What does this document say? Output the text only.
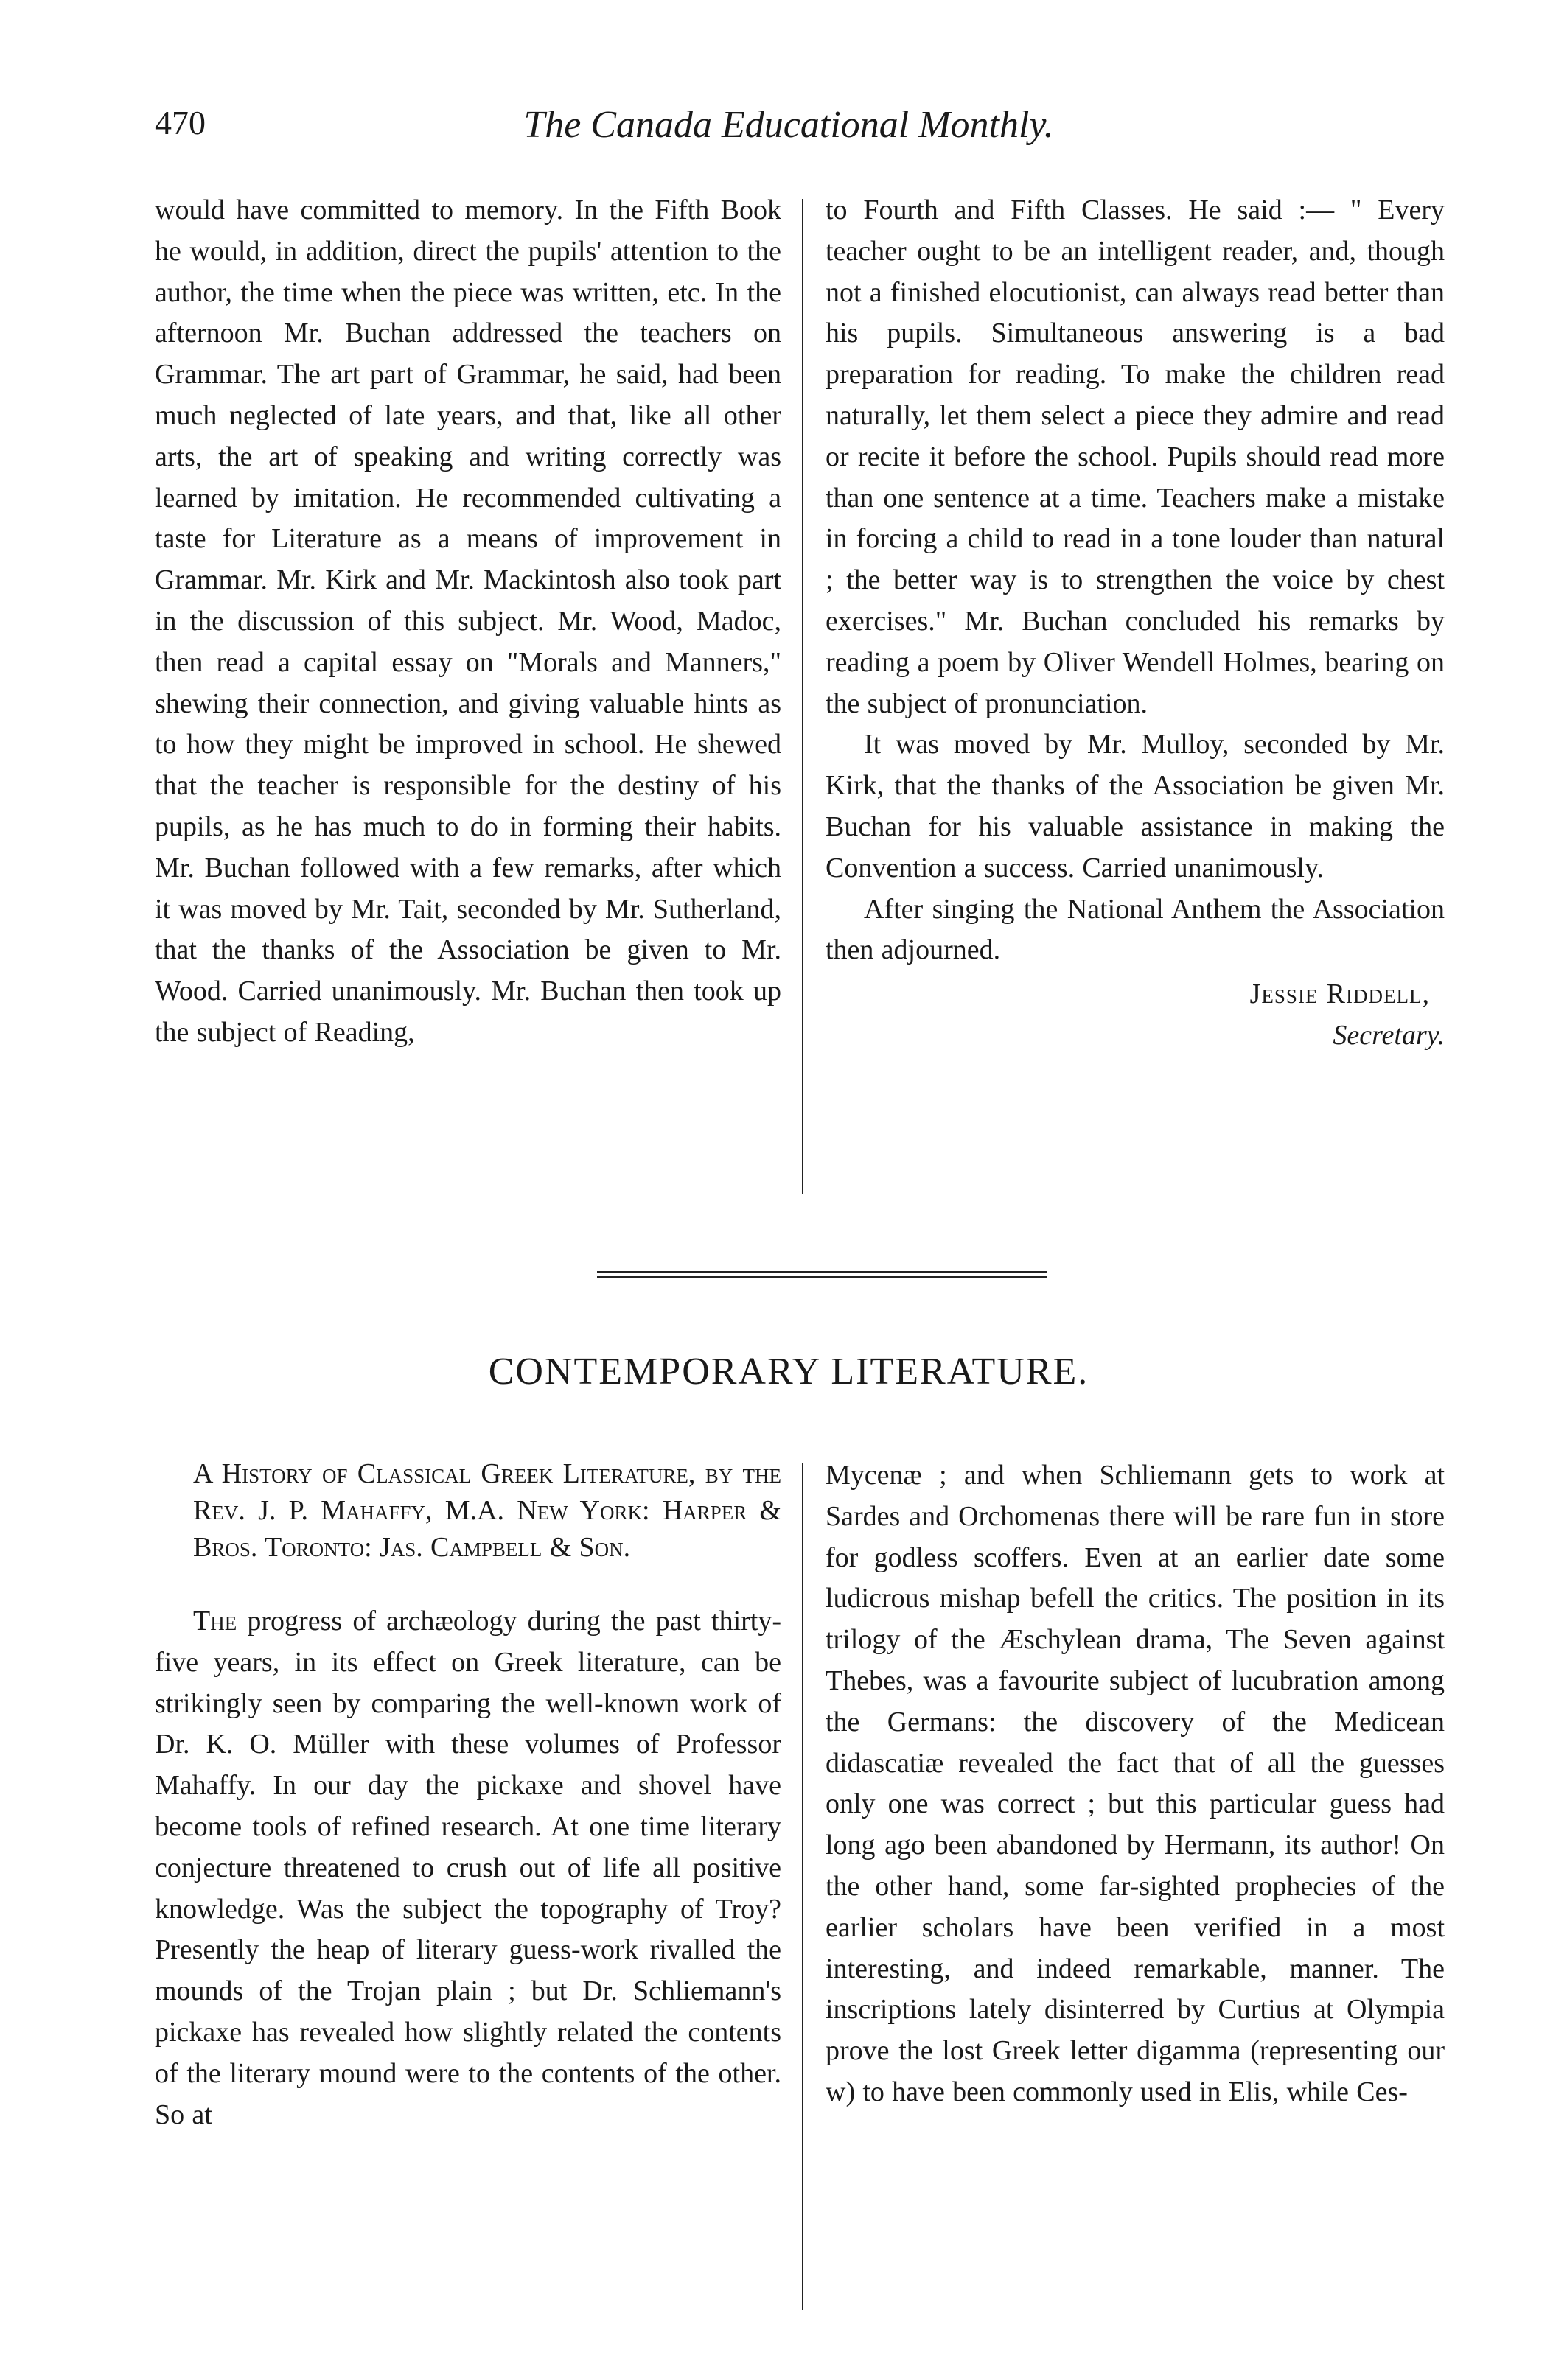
470	The Canada Educational Monthly.

would have committed to memory. In the Fifth Book he would, in addition, direct the pupils' attention to the author, the time when the piece was written, etc. In the afternoon Mr. Buchan addressed the teachers on Grammar. The art part of Grammar, he said, had been much neglected of late years, and that, like all other arts, the art of speaking and writing correctly was learned by imitation. He recommended cultivating a taste for Literature as a means of improvement in Grammar. Mr. Kirk and Mr. Mackintosh also took part in the discussion of this subject. Mr. Wood, Madoc, then read a capital essay on "Morals and Manners," shewing their connection, and giving valuable hints as to how they might be improved in school. He shewed that the teacher is responsible for the destiny of his pupils, as he has much to do in forming their habits. Mr. Buchan followed with a few remarks, after which it was moved by Mr. Tait, seconded by Mr. Sutherland, that the thanks of the Association be given to Mr. Wood. Carried unanimously. Mr. Buchan then took up the subject of Reading,

to Fourth and Fifth Classes. He said :— " Every teacher ought to be an intelligent reader, and, though not a finished elocutionist, can always read better than his pupils. Simultaneous answering is a bad preparation for reading. To make the children read naturally, let them select a piece they admire and read or recite it before the school. Pupils should read more than one sentence at a time. Teachers make a mistake in forcing a child to read in a tone louder than natural ; the better way is to strengthen the voice by chest exercises." Mr. Buchan concluded his remarks by reading a poem by Oliver Wendell Holmes, bearing on the subject of pronunciation.

It was moved by Mr. Mulloy, seconded by Mr. Kirk, that the thanks of the Association be given Mr. Buchan for his valuable assistance in making the Convention a success. Carried unanimously.

After singing the National Anthem the Association then adjourned.

Jessie Riddell,
Secretary.
CONTEMPORARY LITERATURE.

A History of Classical Greek Literature, by the Rev. J. P. Mahaffy, M.A. New York: Harper & Bros. Toronto: Jas. Campbell & Son.

The progress of archæology during the past thirty-five years, in its effect on Greek literature, can be strikingly seen by comparing the well-known work of Dr. K. O. Müller with these volumes of Professor Mahaffy. In our day the pickaxe and shovel have become tools of refined research. At one time literary conjecture threatened to crush out of life all positive knowledge. Was the subject the topography of Troy? Presently the heap of literary guess-work rivalled the mounds of the Trojan plain ; but Dr. Schliemann's pickaxe has revealed how slightly related the contents of the literary mound were to the contents of the other. So at

Mycenæ ; and when Schliemann gets to work at Sardes and Orchomenas there will be rare fun in store for godless scoffers. Even at an earlier date some ludicrous mishap befell the critics. The position in its trilogy of the Æschylean drama, The Seven against Thebes, was a favourite subject of lucubration among the Germans: the discovery of the Medicean didascatiæ revealed the fact that of all the guesses only one was correct ; but this particular guess had long ago been abandoned by Hermann, its author! On the other hand, some far-sighted prophecies of the earlier scholars have been verified in a most interesting, and indeed remarkable, manner. The inscriptions lately disinterred by Curtius at Olympia prove the lost Greek letter digamma (representing our w) to have been commonly used in Elis, while Ces-
